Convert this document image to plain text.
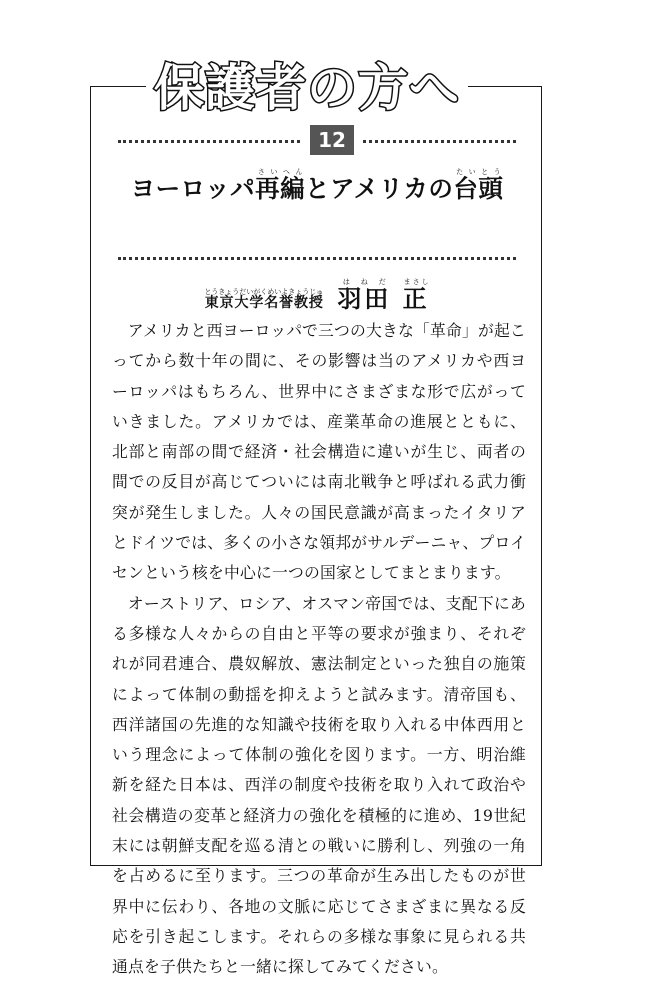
保護者の方へ
12
ヨーロッパ再さい編へんとアメリカの台たい頭とう
東京大学名誉教授とうきょうだいがくめいよきょうじゅ 羽田はねだ 正まさし

アメリカと西ヨーロッパで三つの大きな「革命」が起こってから数十年の間に、その影響は当のアメリカや西ヨーロッパはもちろん、世界中にさまざまな形で広がっていきました。アメリカでは、産業革命の進展とともに、北部と南部の間で経済・社会構造に違いが生じ、両者の間での反目が高じてついには南北戦争と呼ばれる武力衝突が発生しました。人々の国民意識が高まったイタリアとドイツでは、多くの小さな領邦がサルデーニャ、プロイセンという核を中心に一つの国家としてまとまります。

オーストリア、ロシア、オスマン帝国では、支配下にある多様な人々からの自由と平等の要求が強まり、それぞれが同君連合、農奴解放、憲法制定といった独自の施策によって体制の動揺を抑えようと試みます。清帝国も、西洋諸国の先進的な知識や技術を取り入れる中体西用という理念によって体制の強化を図ります。一方、明治維新を経た日本は、西洋の制度や技術を取り入れて政治や社会構造の変革と経済力の強化を積極的に進め、19世紀末には朝鮮支配を巡る清との戦いに勝利し、列強の一角を占めるに至ります。三つの革命が生み出したものが世界中に伝わり、各地の文脈に応じてさまざまに異なる反応を引き起こします。それらの多様な事象に見られる共通点を子供たちと一緒に探してみてください。
